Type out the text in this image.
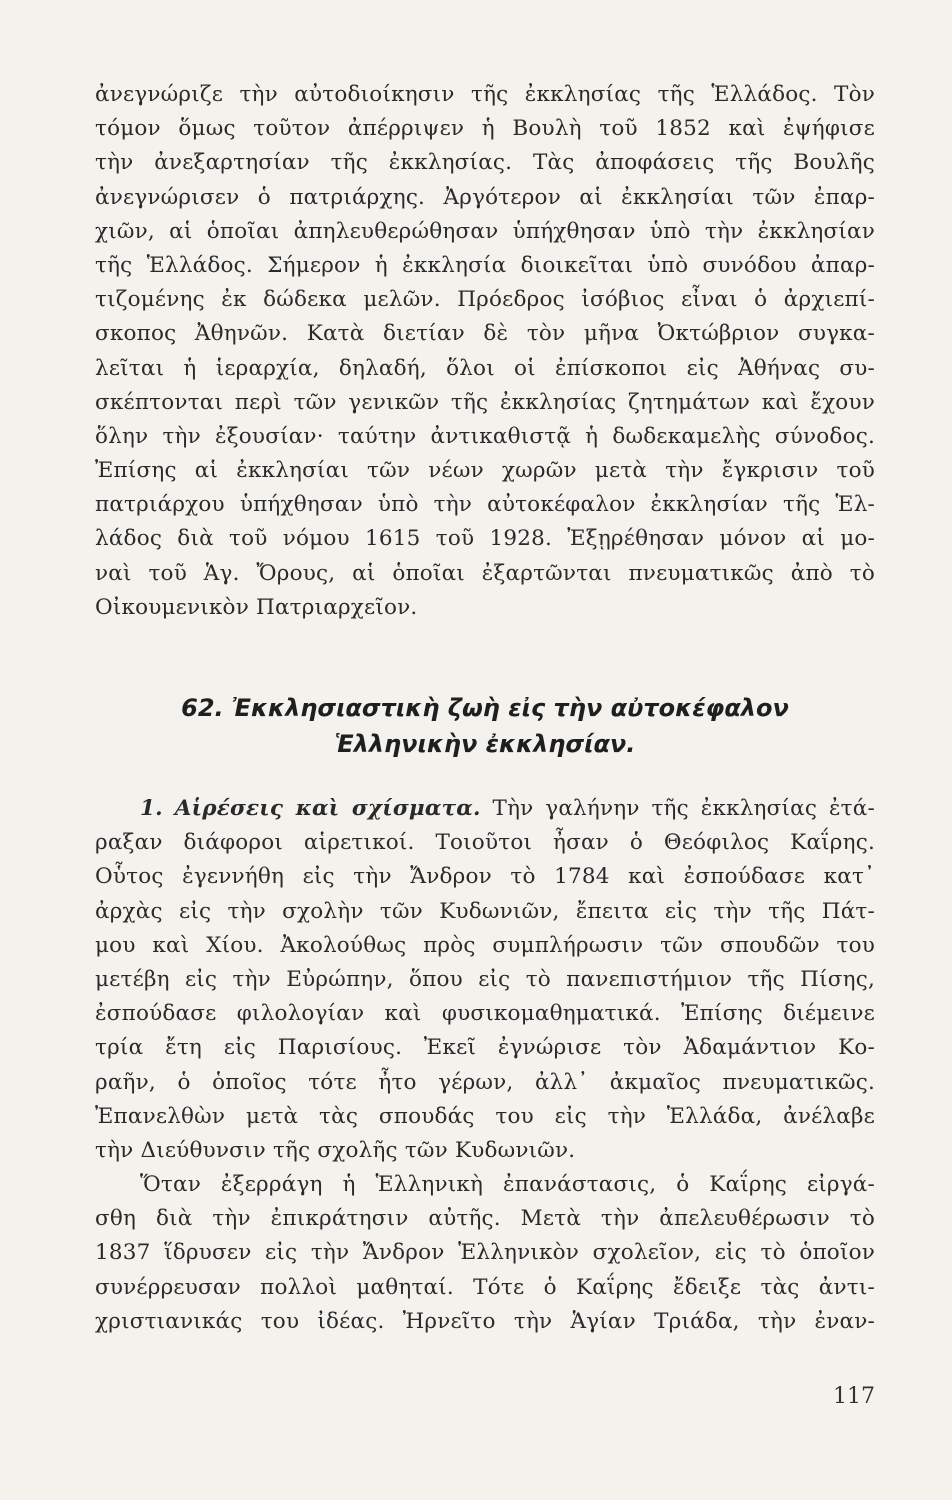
ἀνεγνώριζε τὴν αὐτοδιοίκησιν τῆς ἐκκλησίας τῆς Ἑλλάδος. Τὸν
τόμον ὅμως τοῦτον ἀπέρριψεν ἡ Βουλὴ τοῦ 1852 καὶ ἐψήφισε
τὴν ἀνεξαρτησίαν τῆς ἐκκλησίας. Τὰς ἀποφάσεις τῆς Βουλῆς
ἀνεγνώρισεν ὁ πατριάρχης. Ἀργότερον αἱ ἐκκλησίαι τῶν ἐπαρ-
χιῶν, αἱ ὁποῖαι ἀπηλευθερώθησαν ὑπήχθησαν ὑπὸ τὴν ἐκκλησίαν
τῆς Ἑλλάδος. Σήμερον ἡ ἐκκλησία διοικεῖται ὑπὸ συνόδου ἀπαρ-
τιζομένης ἐκ δώδεκα μελῶν. Πρόεδρος ἰσόβιος εἶναι ὁ ἀρχιεπί-
σκοπος Ἀθηνῶν. Κατὰ διετίαν δὲ τὸν μῆνα Ὀκτώβριον συγκα-
λεῖται ἡ ἱεραρχία, δηλαδή, ὅλοι οἱ ἐπίσκοποι εἰς Ἀθήνας συ-
σκέπτονται περὶ τῶν γενικῶν τῆς ἐκκλησίας ζητημάτων καὶ ἔχουν
ὅλην τὴν ἐξουσίαν· ταύτην ἀντικαθιστᾷ ἡ δωδεκαμελὴς σύνοδος.
Ἐπίσης αἱ ἐκκλησίαι τῶν νέων χωρῶν μετὰ τὴν ἔγκρισιν τοῦ
πατριάρχου ὑπήχθησαν ὑπὸ τὴν αὐτοκέφαλον ἐκκλησίαν τῆς Ἑλ-
λάδος διὰ τοῦ νόμου 1615 τοῦ 1928. Ἐξῃρέθησαν μόνον αἱ μο-
ναὶ τοῦ Ἁγ. Ὄρους, αἱ ὁποῖαι ἐξαρτῶνται πνευματικῶς ἀπὸ τὸ
Οἰκουμενικὸν Πατριαρχεῖον.
62. Ἐκκλησιαστικὴ ζωὴ εἰς τὴν αὐτοκέφαλον
Ἑλληνικὴν ἐκκλησίαν.
1. Αἱρέσεις καὶ σχίσματα. Τὴν γαλήνην τῆς ἐκκλησίας ἐτά-
ραξαν διάφοροι αἱρετικοί. Τοιοῦτοι ἦσαν ὁ Θεόφιλος Καΐρης.
Οὗτος ἐγεννήθη εἰς τὴν Ἄνδρον τὸ 1784 καὶ ἐσπούδασε κατ᾽
ἀρχὰς εἰς τὴν σχολὴν τῶν Κυδωνιῶν, ἔπειτα εἰς τὴν τῆς Πάτ-
μου καὶ Χίου. Ἀκολούθως πρὸς συμπλήρωσιν τῶν σπουδῶν του
μετέβη εἰς τὴν Εὐρώπην, ὅπου εἰς τὸ πανεπιστήμιον τῆς Πίσης,
ἐσπούδασε φιλολογίαν καὶ φυσικομαθηματικά. Ἐπίσης διέμεινε
τρία ἔτη εἰς Παρισίους. Ἐκεῖ ἐγνώρισε τὸν Ἀδαμάντιον Κο-
ραῆν, ὁ ὁποῖος τότε ἦτο γέρων, ἀλλ᾽ ἀκμαῖος πνευματικῶς.
Ἐπανελθὼν μετὰ τὰς σπουδάς του εἰς τὴν Ἑλλάδα, ἀνέλαβε
τὴν Διεύθυνσιν τῆς σχολῆς τῶν Κυδωνιῶν.
Ὅταν ἐξερράγη ἡ Ἑλληνικὴ ἐπανάστασις, ὁ Καΐρης εἰργά-
σθη διὰ τὴν ἐπικράτησιν αὐτῆς. Μετὰ τὴν ἀπελευθέρωσιν τὸ
1837 ἵδρυσεν εἰς τὴν Ἄνδρον Ἑλληνικὸν σχολεῖον, εἰς τὸ ὁποῖον
συνέρρευσαν πολλοὶ μαθηταί. Τότε ὁ Καΐρης ἔδειξε τὰς ἀντι-
χριστιανικάς του ἰδέας. Ἠρνεῖτο τὴν Ἁγίαν Τριάδα, τὴν ἐναν-
117
